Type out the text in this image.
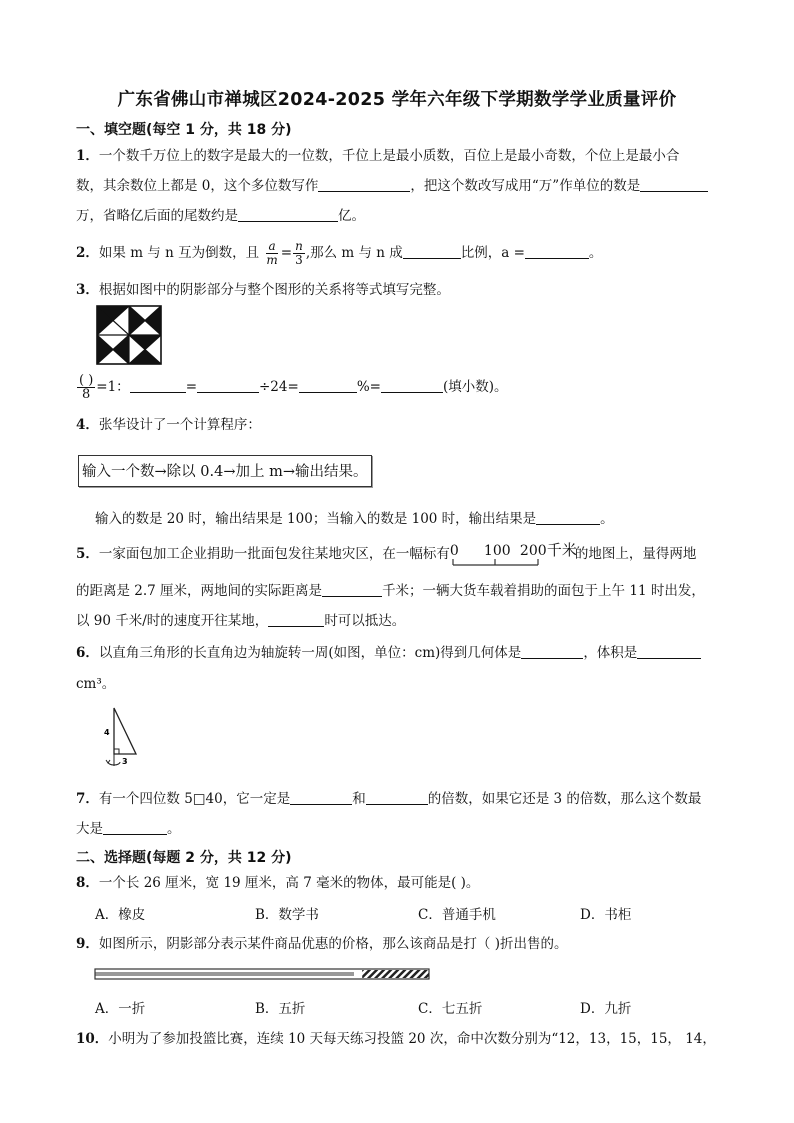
广东省佛山市禅城区2024-2025 学年六年级下学期数学学业质量评价
一、填空题(每空 1 分，共 18 分)
1．一个数千万位上的数字是最大的一位数，千位上是最小质数，百位上是最小奇数，个位上是最小合
数，其余数位上都是 0，这个多位数写作	，把这个数改写成用“万”作单位的数是
万，省略亿后面的尾数约是	亿。
2．如果 m 与 n 互为倒数，且 $\frac{a}{m} = \frac{n}{3}$ ,那么 m 与 n 成	比例，a =	。
3．根据如图中的阴影部分与整个图形的关系将等式填写完整。
$\frac{( )}{8} =1$：	=	÷24=	%=	(填小数)。
4．张华设计了一个计算程序：
输入一个数→除以 0.4→加上 m→输出结果。
输入的数是 20 时，输出结果是 100；当输入的数是 100 时，输出结果是	。
5．一家面包加工企业捐助一批面包发往某地灾区，在一幅标有 0 100 200 千米
的地图上，量得两地
的距离是 2.7 厘米，两地间的实际距离是	千米；一辆大货车载着捐助的面包于上午 11 时出发，
以 90 千米/时的速度开往某地，	时可以抵达。
6．以直角三角形的长直角边为轴旋转一周(如图，单位：cm)得到几何体是	，体积是
cm³。
4
3
7．有一个四位数 5□40，它一定是	和	的倍数，如果它还是 3 的倍数，那么这个数最
大是	。
二、选择题(每题 2 分，共 12 分)
8．一个长 26 厘米，宽 19 厘米，高 7 毫米的物体，最可能是( )。
A．橡皮	B．数学书	C．普通手机	D．书柜
9．如图所示，阴影部分表示某件商品优惠的价格，那么该商品是打（ )折出售的。
A．一折	B．五折	C．七五折	D．九折
10．小明为了参加投篮比赛，连续 10 天每天练习投篮 20 次，命中次数分别为“12，13，15，15， 14，
